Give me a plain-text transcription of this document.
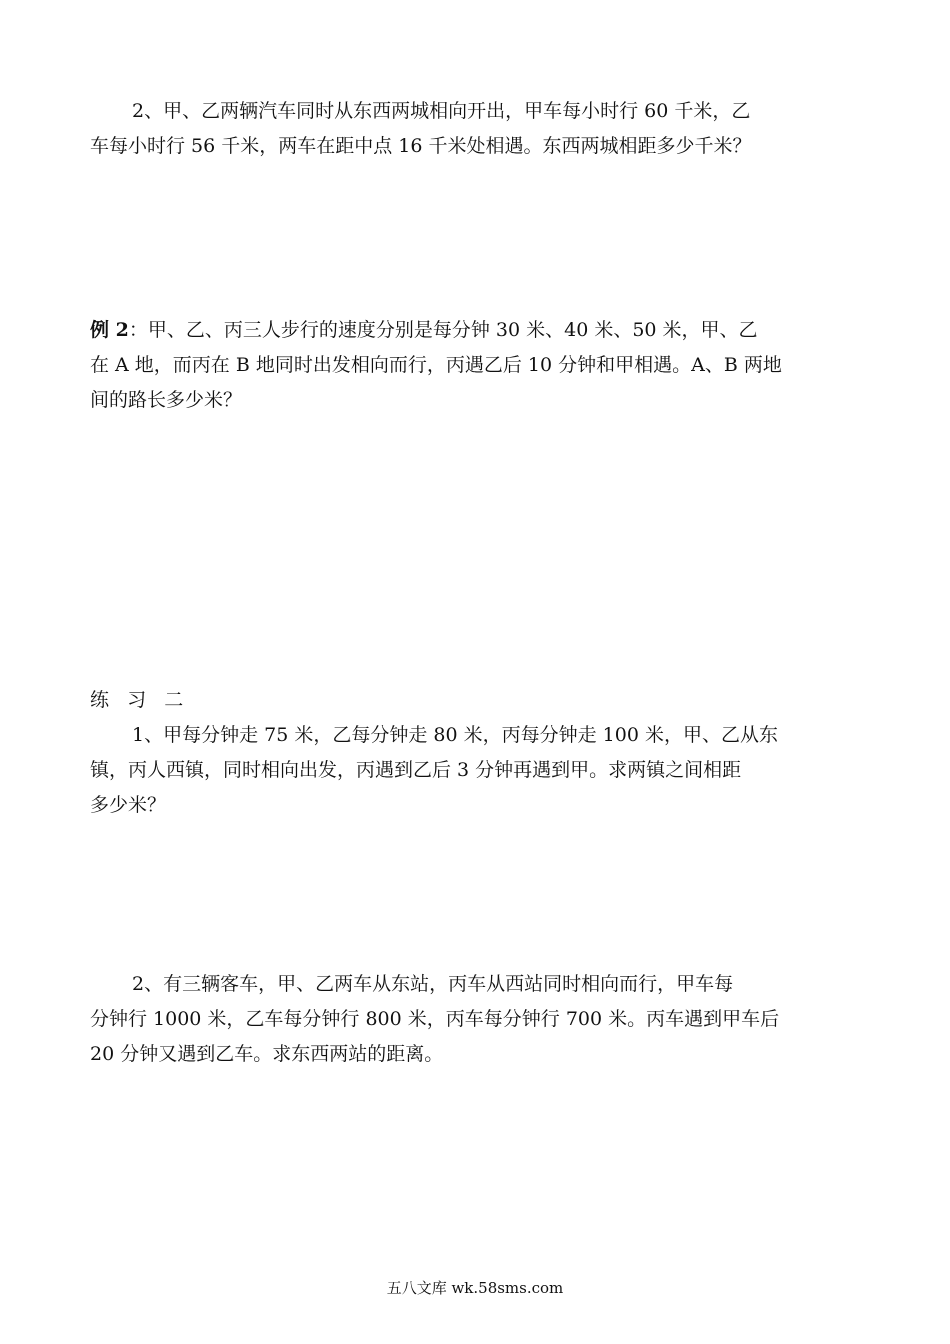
2、甲、乙两辆汽车同时从东西两城相向开出，甲车每小时行 60 千米，乙
车每小时行 56 千米，两车在距中点 16 千米处相遇。东西两城相距多少千米？
例 2：甲、乙、丙三人步行的速度分别是每分钟 30 米、40 米、50 米，甲、乙
在 A 地，而丙在 B 地同时出发相向而行，丙遇乙后 10 分钟和甲相遇。A、B 两地
间的路长多少米？
练   习   二
1、甲每分钟走 75 米，乙每分钟走 80 米，丙每分钟走 100 米，甲、乙从东
镇，丙人西镇，同时相向出发，丙遇到乙后 3 分钟再遇到甲。求两镇之间相距
多少米？
2、有三辆客车，甲、乙两车从东站，丙车从西站同时相向而行，甲车每
分钟行 1000 米，乙车每分钟行 800 米，丙车每分钟行 700 米。丙车遇到甲车后
20 分钟又遇到乙车。求东西两站的距离。
五八文库 wk.58sms.com
